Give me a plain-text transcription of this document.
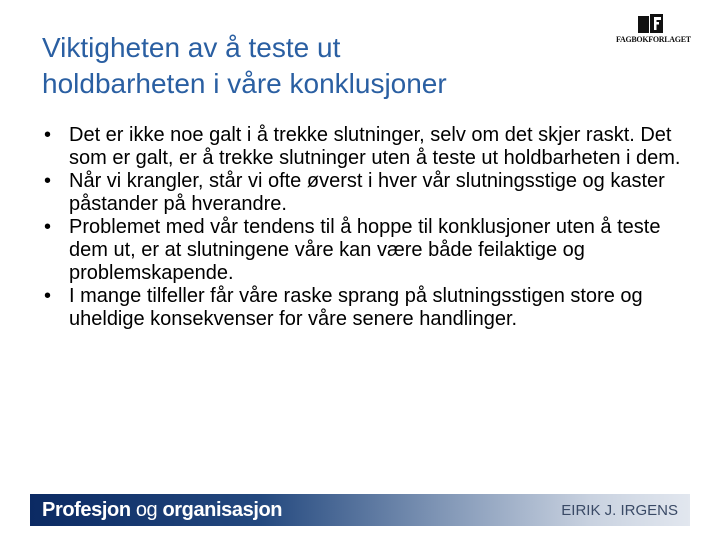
Viktigheten av å teste ut
holdbarheten i våre konklusjoner
FAGBOKFORLAGET
• Det er ikke noe galt i å trekke slutninger, selv om det skjer raskt. Det som er galt, er å trekke slutninger uten å teste ut holdbarheten i dem.
• Når vi krangler, står vi ofte øverst i hver vår slutningsstige og kaster påstander på hverandre.
• Problemet med vår tendens til å hoppe til konklusjoner uten å teste dem ut, er at slutningene våre kan være både feilaktige og problemskapende.
• I mange tilfeller får våre raske sprang på slutningsstigen store og uheldige konsekvenser for våre senere handlinger.
Profesjon og organisasjon	EIRIK J. IRGENS
